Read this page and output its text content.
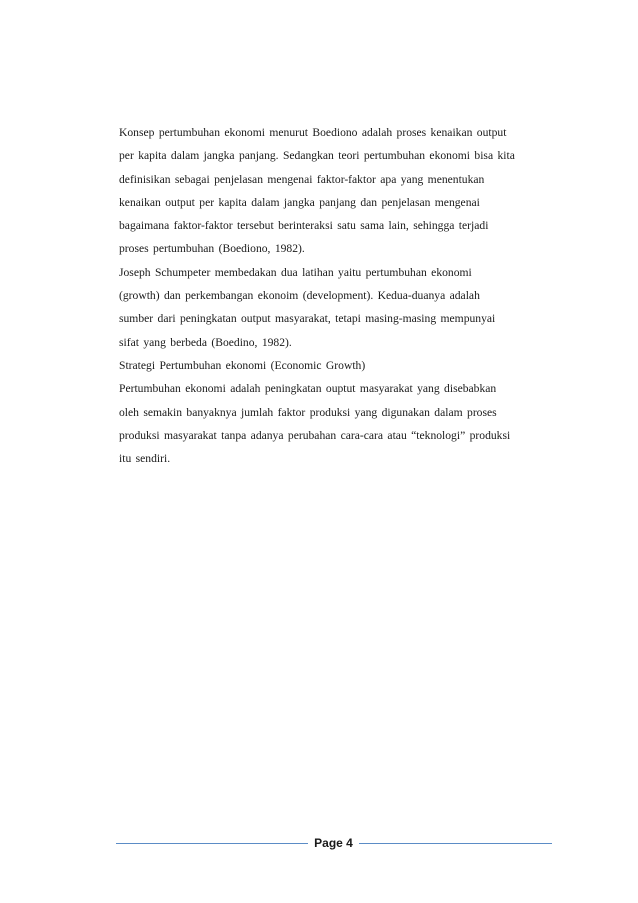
Konsep pertumbuhan ekonomi menurut Boediono adalah proses kenaikan output
per kapita dalam jangka panjang. Sedangkan teori pertumbuhan ekonomi bisa kita
definisikan sebagai penjelasan mengenai faktor-faktor apa yang menentukan
kenaikan output per kapita dalam jangka panjang dan penjelasan mengenai
bagaimana faktor-faktor tersebut berinteraksi satu sama lain, sehingga terjadi
proses pertumbuhan (Boediono, 1982).
Joseph Schumpeter membedakan dua latihan yaitu pertumbuhan ekonomi
(growth) dan perkembangan ekonoim (development). Kedua-duanya adalah
sumber dari peningkatan output masyarakat, tetapi masing-masing mempunyai
sifat yang berbeda (Boedino, 1982).
Strategi Pertumbuhan ekonomi (Economic Growth)
Pertumbuhan ekonomi adalah peningkatan ouptut masyarakat yang disebabkan
oleh semakin banyaknya jumlah faktor produksi yang digunakan dalam proses
produksi masyarakat tanpa adanya perubahan cara-cara atau “teknologi” produksi
itu sendiri.
Page 4
